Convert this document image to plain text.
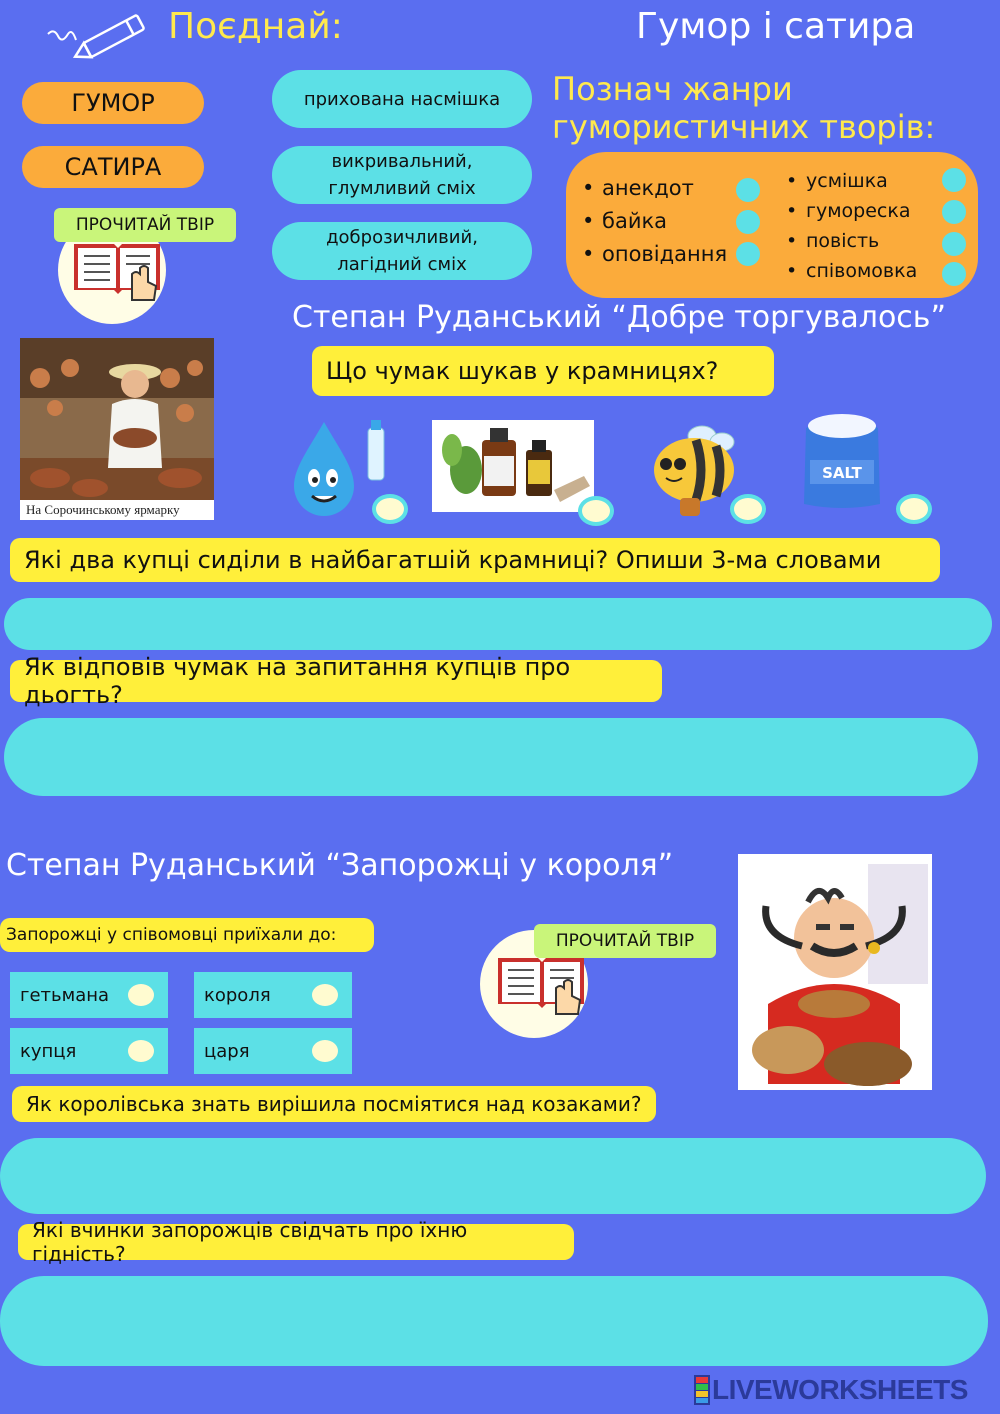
Поєднай:	Гумор і сатира
ГУМОР
САТИРА
прихована насмішка
викривальний, глумливий сміх
доброзичливий, лагідний сміх
ПРОЧИТАЙ ТВІР
Познач жанри гумористичних творів:
• анекдот
• байка
• оповідання
• усмішка
• гумореска
• повість
• співомовка
Степан Руданський “Добре торгувалось”
На Сорочинському ярмарку
Що чумак шукав у крамницях?
SALT
Які два купці сиділи в найбагатшій крамниці? Опиши 3-ма словами
Як відповів чумак на запитання купців про дьогть?
Степан Руданський “Запорожці у короля”
Запорожці у співомовці приїхали до:
гетьмана	короля
купця	царя
ПРОЧИТАЙ ТВІР
Як королівська знать вирішила посміятися над козаками?
Які вчинки запорожців свідчать про їхню гідність?
LIVEWORKSHEETS
